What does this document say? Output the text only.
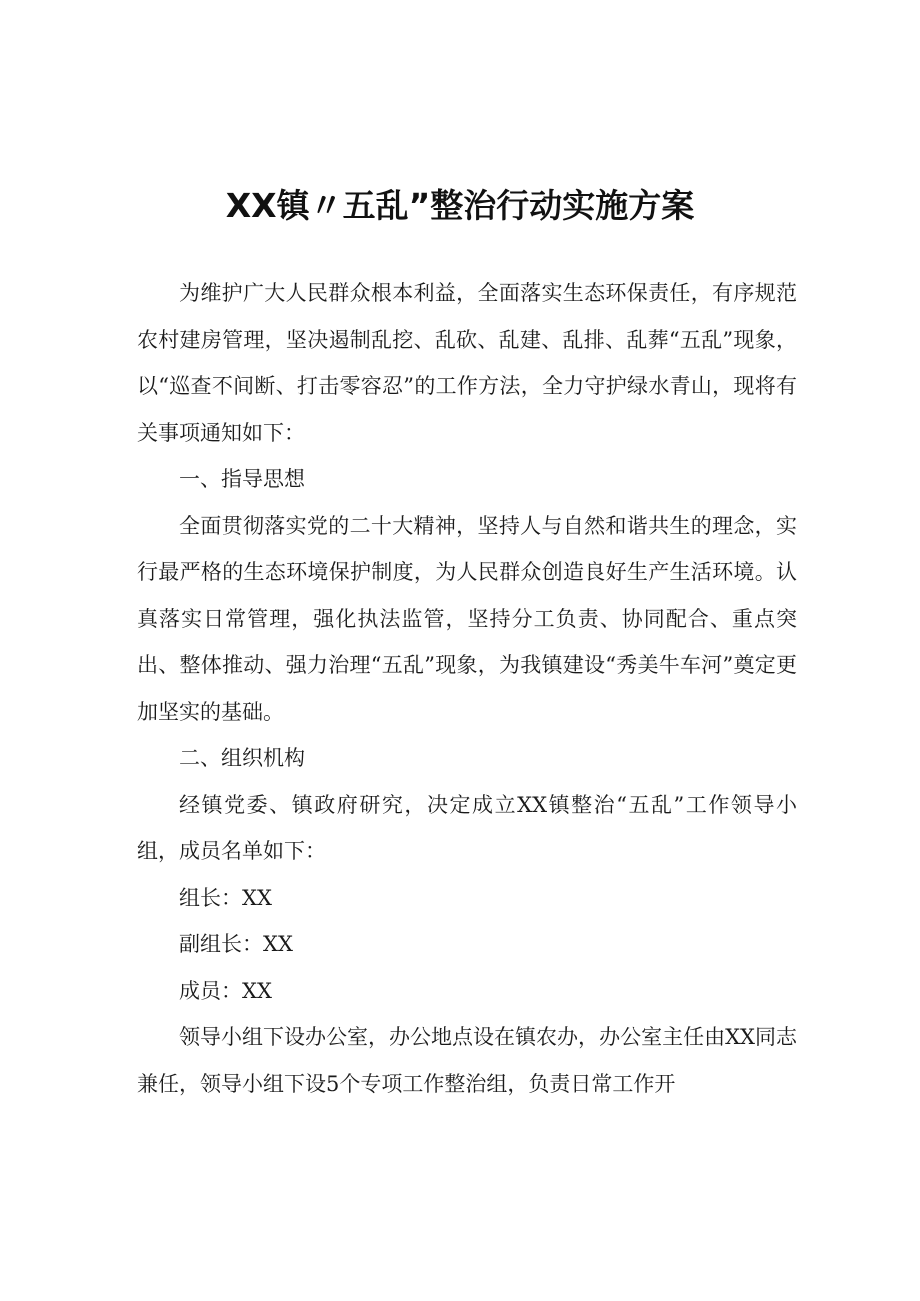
XX镇〃五乱”整治行动实施方案

为维护广大人民群众根本利益，全面落实生态环保责任，有序规范农村建房管理，坚决遏制乱挖、乱砍、乱建、乱排、乱葬“五乱”现象，以“巡查不间断、打击零容忍”的工作方法，全力守护绿水青山，现将有关事项通知如下：

一、指导思想

全面贯彻落实党的二十大精神，坚持人与自然和谐共生的理念，实行最严格的生态环境保护制度，为人民群众创造良好生产生活环境。认真落实日常管理，强化执法监管，坚持分工负责、协同配合、重点突出、整体推动、强力治理“五乱”现象，为我镇建设“秀美牛车河”奠定更加坚实的基础。

二、组织机构

经镇党委、镇政府研究，决定成立XX镇整治“五乱”工作领导小组，成员名单如下：

组长：XX

副组长：XX

成员：XX

领导小组下设办公室，办公地点设在镇农办，办公室主任由XX同志兼任，领导小组下设5个专项工作整治组，负责日常工作开
